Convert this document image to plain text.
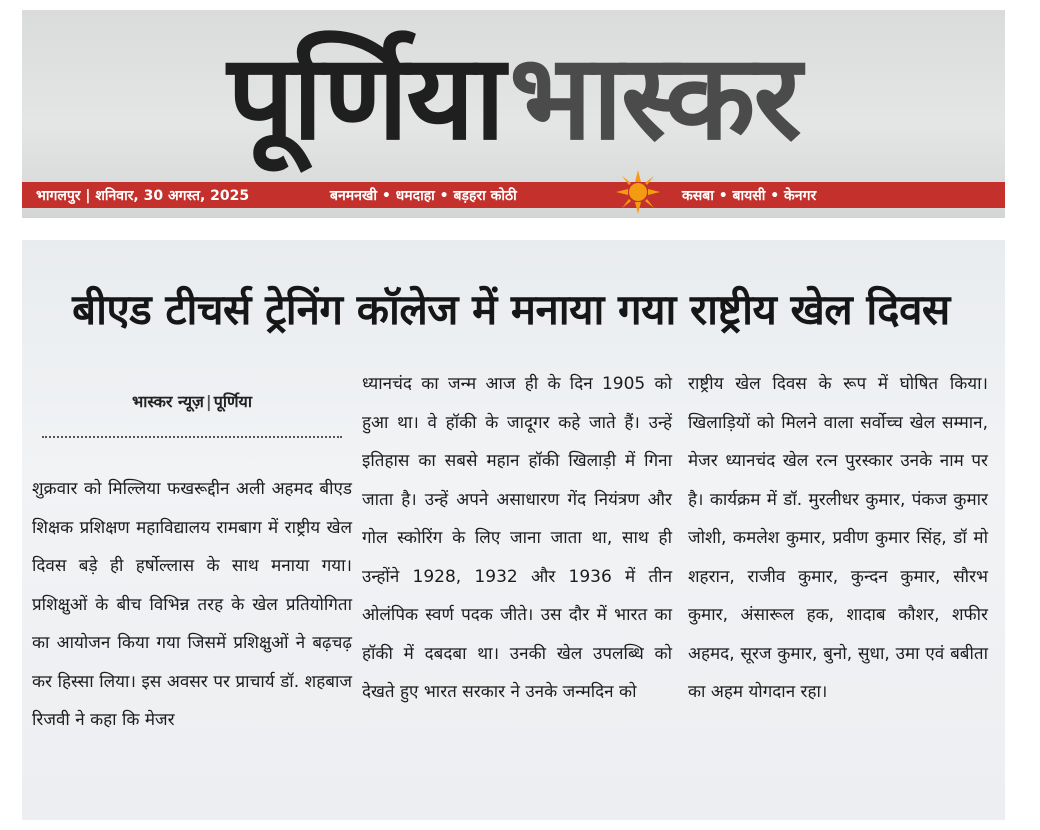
पूर्णियाभास्कर
भागलपुर | शनिवार, 30 अगस्त, 2025	बनमनखी • धमदाहा • बड़हरा कोठी	कसबा • बायसी • केनगर
बीएड टीचर्स ट्रेनिंग कॉलेज में मनाया गया राष्ट्रीय खेल दिवस
भास्कर न्यूज़ | पूर्णिया

शुक्रवार को मिल्लिया फखरूद्दीन अली अहमद बीएड शिक्षक प्रशिक्षण महाविद्यालय रामबाग में राष्ट्रीय खेल दिवस बड़े ही हर्षोल्लास के साथ मनाया गया।प्रशिक्षुओं के बीच विभिन्न तरह के खेल प्रतियोगिता का आयोजन किया गया जिसमें प्रशिक्षुओं ने बढ़चढ़ कर हिस्सा लिया। इस अवसर पर प्राचार्य डॉ. शहबाज रिजवी ने कहा कि मेजर

ध्यानचंद का जन्म आज ही के दिन 1905 को हुआ था। वे हॉकी के जादूगर कहे जाते हैं। उन्हें इतिहास का सबसे महान हॉकी खिलाड़ी में गिना जाता है। उन्हें अपने असाधारण गेंद नियंत्रण और गोल स्कोरिंग के लिए जाना जाता था, साथ ही उन्होंने 1928, 1932 और 1936 में तीन ओलंपिक स्वर्ण पदक जीते। उस दौर में भारत का हॉकी में दबदबा था। उनकी खेल उपलब्धि को देखते हुए भारत सरकार ने उनके जन्मदिन को

राष्ट्रीय खेल दिवस के रूप में घोषित किया। खिलाड़ियों को मिलने वाला सर्वोच्च खेल सम्मान, मेजर ध्यानचंद खेल रत्न पुरस्कार उनके नाम पर है। कार्यक्रम में डॉ. मुरलीधर कुमार, पंकज कुमार जोशी, कमलेश कुमार, प्रवीण कुमार सिंह, डॉ मो शहरान, राजीव कुमार, कुन्दन कुमार, सौरभ कुमार, अंसारूल हक, शादाब कौशर, शफीर अहमद, सूरज कुमार, बुनो, सुधा, उमा एवं बबीता का अहम योगदान रहा।
